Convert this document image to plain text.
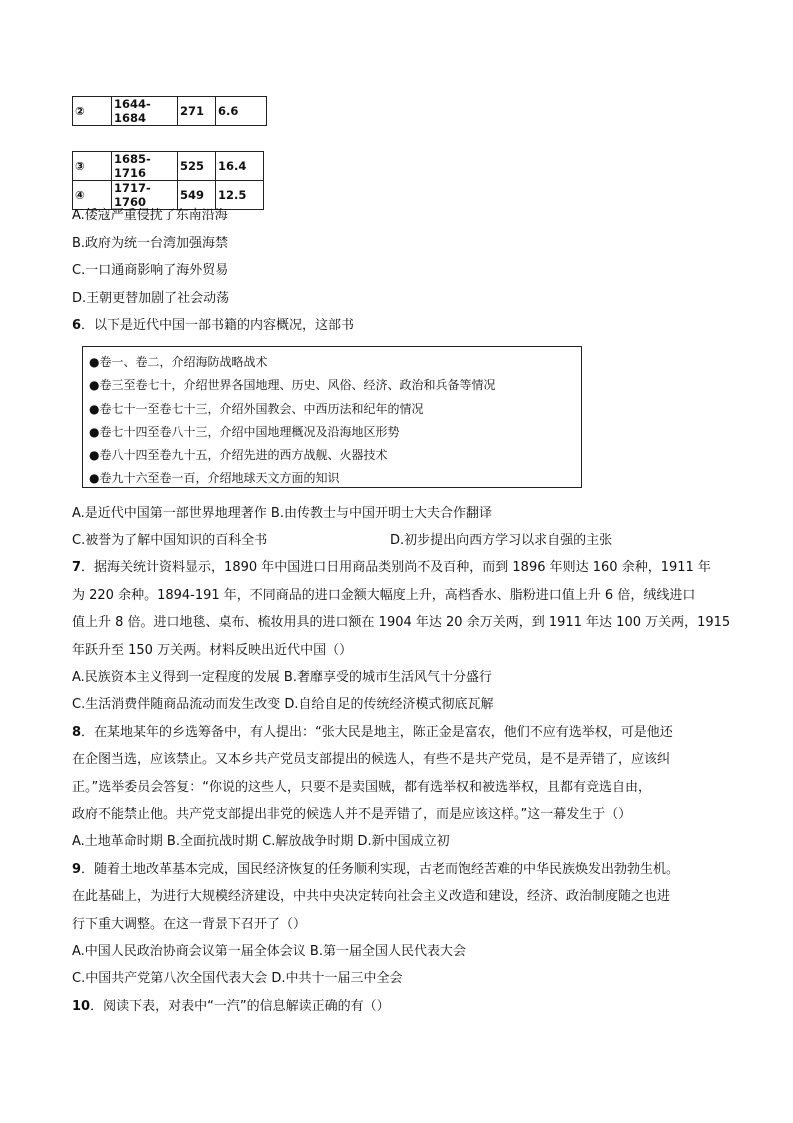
②	1644-1684	271	6.6
③	1685-1716	525	16.4
④	1717-1760	549	12.5
A.倭寇严重侵扰了东南沿海
B.政府为统一台湾加强海禁
C.一口通商影响了海外贸易
D.王朝更替加剧了社会动荡
6．以下是近代中国一部书籍的内容概况，这部书
●卷一、卷二，介绍海防战略战术
●卷三至卷七十，介绍世界各国地理、历史、风俗、经济、政治和兵备等情况
●卷七十一至卷七十三，介绍外国教会、中西历法和纪年的情况
●卷七十四至卷八十三，介绍中国地理概况及沿海地区形势
●卷八十四至卷九十五，介绍先进的西方战舰、火器技术
●卷九十六至卷一百，介绍地球天文方面的知识
A.是近代中国第一部世界地理著作 B.由传教士与中国开明士大夫合作翻译
C.被誉为了解中国知识的百科全书	D.初步提出向西方学习以求自强的主张
7．据海关统计资料显示，1890 年中国进口日用商品类别尚不及百种，而到 1896 年则达 160 余种，1911 年
为 220 余种。1894-191 年，不同商品的进口金额大幅度上升，高档香水、脂粉进口值上升 6 倍，绒线进口
值上升 8 倍。进口地毯、桌布、梳妆用具的进口额在 1904 年达 20 余万关两，到 1911 年达 100 万关两，1915
年跃升至 150 万关两。材料反映出近代中国（）
A.民族资本主义得到一定程度的发展 B.奢靡享受的城市生活风气十分盛行
C.生活消费伴随商品流动而发生改变 D.自给自足的传统经济模式彻底瓦解
8．在某地某年的乡选筹备中，有人提出：“张大民是地主，陈正金是富农，他们不应有选举权，可是他还
在企图当选，应该禁止。又本乡共产党员支部提出的候选人，有些不是共产党员，是不是弄错了，应该纠
正。”选举委员会答复：“你说的这些人，只要不是卖国贼，都有选举权和被选举权，且都有竞选自由，
政府不能禁止他。共产党支部提出非党的候选人并不是弄错了，而是应该这样。”这一幕发生于（）
A.土地革命时期 B.全面抗战时期 C.解放战争时期 D.新中国成立初
9．随着土地改革基本完成，国民经济恢复的任务顺利实现，古老而饱经苦难的中华民族焕发出勃勃生机。
在此基础上，为进行大规模经济建设，中共中央决定转向社会主义改造和建设，经济、政治制度随之也进
行下重大调整。在这一背景下召开了（）
A.中国人民政治协商会议第一届全体会议 B.第一届全国人民代表大会
C.中国共产党第八次全国代表大会 D.中共十一届三中全会
10．阅读下表，对表中“一汽”的信息解读正确的有（）
